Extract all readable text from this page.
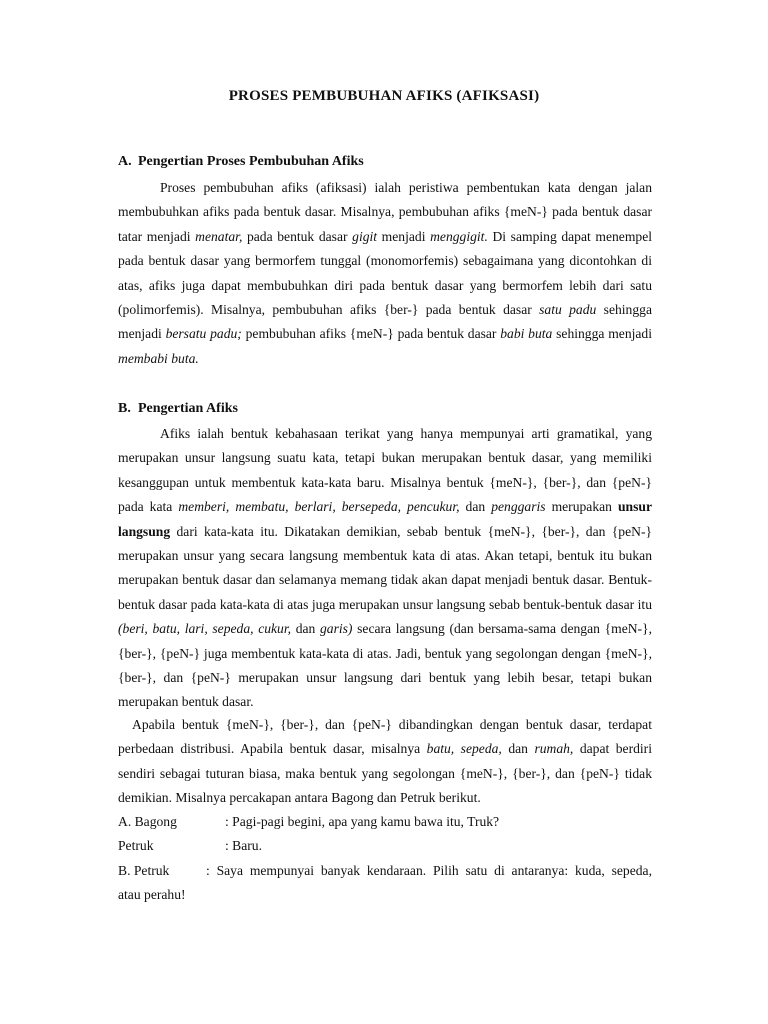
PROSES PEMBUBUHAN AFIKS (AFIKSASI)
A. Pengertian Proses Pembubuhan Afiks

Proses pembubuhan afiks (afiksasi) ialah peristiwa pembentukan kata dengan jalan membubuhkan afiks pada bentuk dasar. Misalnya, pembubuhan afiks {meN-} pada bentuk dasar tatar menjadi menatar, pada bentuk dasar gigit menjadi menggigit. Di samping dapat menempel pada bentuk dasar yang bermorfem tunggal (monomorfemis) sebagaimana yang dicontohkan di atas, afiks juga dapat membubuhkan diri pada bentuk dasar yang bermorfem lebih dari satu (polimorfemis). Misalnya, pembubuhan afiks {ber-} pada bentuk dasar satu padu sehingga menjadi bersatu padu; pembubuhan afiks {meN-} pada bentuk dasar babi buta sehingga menjadi membabi buta.

B. Pengertian Afiks

Afiks ialah bentuk kebahasaan terikat yang hanya mempunyai arti gramatikal, yang merupakan unsur langsung suatu kata, tetapi bukan merupakan bentuk dasar, yang memiliki kesanggupan untuk membentuk kata-kata baru. Misalnya bentuk {meN-}, {ber-}, dan {peN-} pada kata memberi, membatu, berlari, bersepeda, pencukur, dan penggaris merupakan unsur langsung dari kata-kata itu. Dikatakan demikian, sebab bentuk {meN-}, {ber-}, dan {peN-} merupakan unsur yang secara langsung membentuk kata di atas. Akan tetapi, bentuk itu bukan merupakan bentuk dasar dan selamanya memang tidak akan dapat menjadi bentuk dasar. Bentuk-bentuk dasar pada kata-kata di atas juga merupakan unsur langsung sebab bentuk-bentuk dasar itu (beri, batu, lari, sepeda, cukur, dan garis) secara langsung (dan bersama-sama dengan {meN-}, {ber-}, {peN-} juga membentuk kata-kata di atas. Jadi, bentuk yang segolongan dengan {meN-}, {ber-}, dan {peN-} merupakan unsur langsung dari bentuk yang lebih besar, tetapi bukan merupakan bentuk dasar.

Apabila bentuk {meN-}, {ber-}, dan {peN-} dibandingkan dengan bentuk dasar, terdapat perbedaan distribusi. Apabila bentuk dasar, misalnya batu, sepeda, dan rumah, dapat berdiri sendiri sebagai tuturan biasa, maka bentuk yang segolongan {meN-}, {ber-}, dan {peN-} tidak demikian. Misalnya percakapan antara Bagong dan Petruk berikut.

A. Bagong	: Pagi-pagi begini, apa yang kamu bawa itu, Truk?
Petruk	: Baru.
B. Petruk	: Saya mempunyai banyak kendaraan. Pilih satu di antaranya: kuda, sepeda,
atau perahu!
